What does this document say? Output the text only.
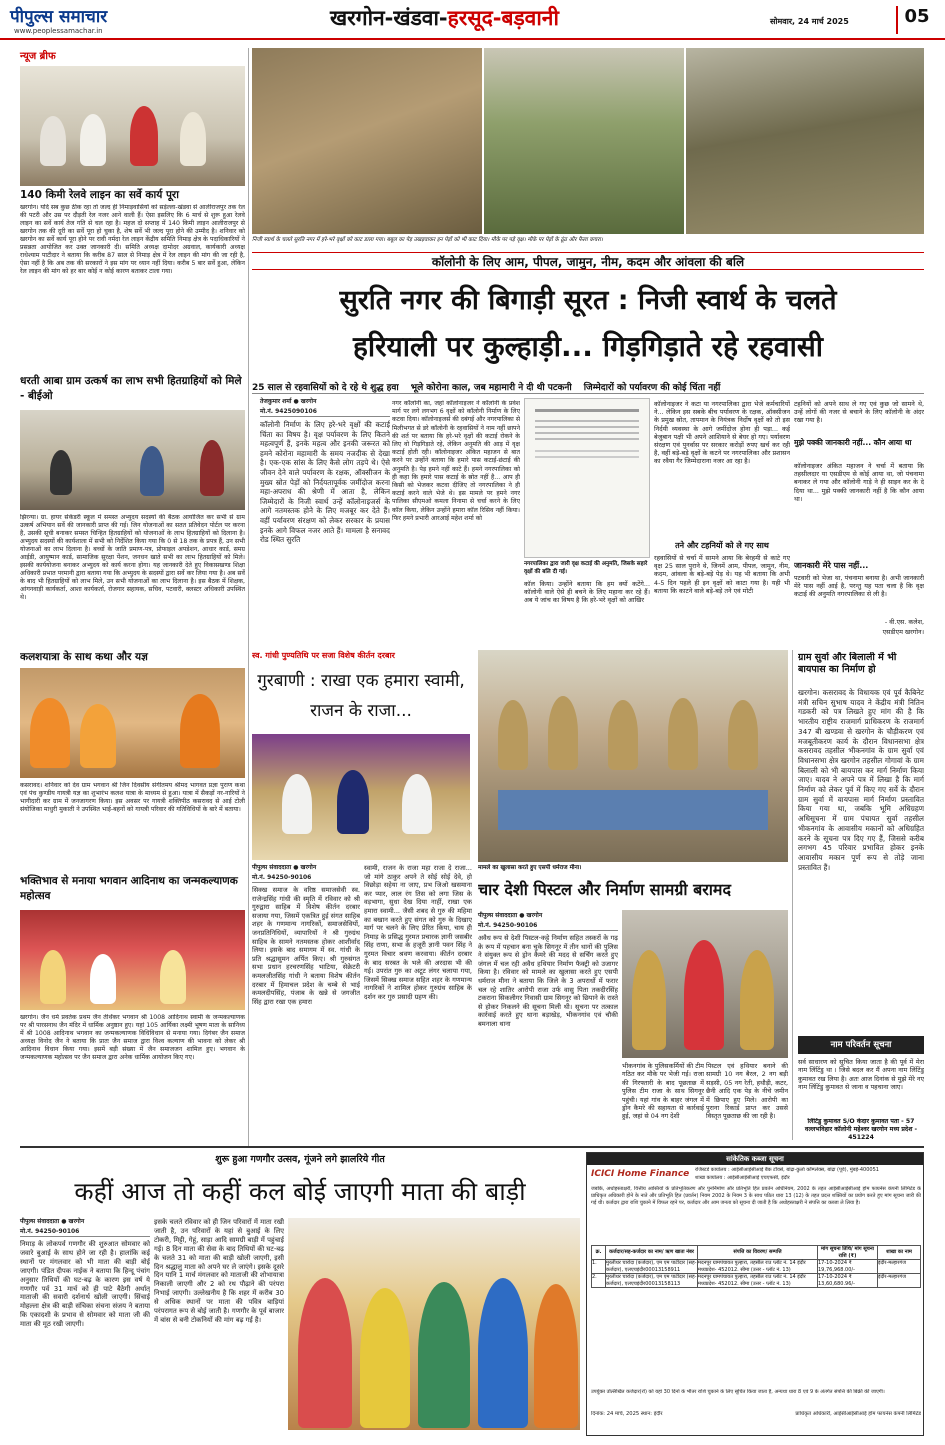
पीपुल्स समाचार
www.peoplessamachar.in
खरगोन-खंडवा-हरसूद-बड़वानी	सोमवार, 24 मार्च 2025	05
न्यूज ब्रीफ
140 किमी रेलवे लाइन का सर्वे कार्य पूरा
खरगोन। यदि सब कुछ ठीक रहा तो जल्द ही निमाड़वासियों को सड़ेल्ला-खंडवा से आलीराजपुर तक रेल की पटरी और उस पर दौड़ती रेल नजर आने वाली हैं। ऐसा इसलिए कि 6 मार्च से शुरू हुआ रेलवे लाइन का सर्वे कार्य तेज गति से चल रहा है। महज दो सप्ताह में 140 किमी लाइन आलीराजपुर से खरगोन तक की दूरी का सर्वे पूरा हो चुका है, शेष सर्वे भी जल्द पूरा होने की उम्मीद है। शनिवार को खरगोन का सर्वे कार्य पूरा होने पर रावी नर्मदा रेल लाइन केंद्रीय समिति निमाड़ क्षेत्र के पदाधिकारियों ने प्रसन्नता आयोजित कर उक्त जानकारी दी। समिति अध्यक्ष दामोदर अग्रवाल, कार्यकारी अध्यक्ष राधेश्याम पाटीदार ने बताया कि करीब 87 साल से निमाड़ क्षेत्र में रेल लाइन की मांग की जा रही है, ऐसा नहीं है कि अब तक की सरकारों ने इस मांग पर ध्यान नहीं दिया। करीब 5 बार सर्वे हुआ, लेकिन रेल लाइन की मांग को हर बार कोई न कोई कारण बताकर टाला गया।
धरती आबा ग्राम उत्कर्ष का लाभ सभी हितग्राहियों को मिले - बीईओ
झिरन्या। ग्रा. हायर सेकेंडरी स्कूल में समस्त अभ्युदय सदस्यों की बैठक आयोजित कर सभी से ग्राम उत्कर्ष अभियान सर्वे की जानकारी प्राप्त की गई। जिन योजनाओं का सतत प्रतिवेदन पोर्टल पर करना है, उसकी सूची बनाकर समस्त चिन्हित हितग्राहियों को योजनाओं के लाभ हितग्राहियों को दिलाना है। अभ्युदय सदस्यों की कार्यशाला में सभी को निर्देशित किया गया कि 0 से 18 तक के प्रपत्र हैं, उन सभी योजनाओं का लाभ दिलाना है। बच्चों के जाति प्रमाण-पत्र, प्रोफाइल अपडेशन, आधार कार्ड, समग्र आईडी, आयुष्मान कार्ड, सामाजिक सुरक्षा पेंशन, जनधन खाते सभी का लाभ हितग्राहियों को मिले। इसकी कार्ययोजना बनाकर अभ्युदय को कार्य करना होगा। यह जानकारी देते हुए विकासखण्ड शिक्षा अधिकारी प्रभात परमानी द्वारा बताया गया कि अभ्युदय के सदस्यों द्वारा सर्वे कर लिया गया है। अब सर्वे के बाद भी हितग्राहियों को लाभ मिले, उन सभी योजनाओं का लाभ दिलाना है। इस बैठक में शिक्षक, आंगनवाड़ी कार्यकर्ता, आशा कार्यकर्ता, रोजगार सहायक, सचिव, पटवारी, क्लस्टर अधिकारी उपस्थित थे।
कलशयात्रा के साथ कथा और यज्ञ
कसरावद। शनिवार को देव ग्राम भगवान श्री जिन दिवसीय संगीतमय श्रीमद भागवत प्रज्ञा पुराण कथा एवं पंच कुण्डीय गायत्री यज्ञ का शुभारंभ कलश यात्रा के माध्यम से हुआ। यात्रा में सैकड़ों नर-नारियों ने भागीदारी कर ग्राम में जनजागरण किया। इस अवसर पर गायत्री शक्तिपीठ कसरावद से आई टोली संयोजिका माधुरी मुकाती ने उपस्थित भाई-बहनों को गायत्री परिवार की गतिविधियों के बारे में बताया।
भक्तिभाव से मनाया भगवान आदिनाथ का जन्मकल्याणक महोत्सव
खरगोन। जैन धर्म प्रवर्तक प्रथम जैन तीर्थंकर भगवान श्री 1008 आदिनाथ स्वामी के जन्मकल्याणक पर श्री पारसनाथ जैन मंदिर में धार्मिक अनुष्ठान हुए। यहां 105 आर्यिका लक्ष्मी भूषण माता के सानिध्य में श्री 1008 आदिनाथ भगवान का जन्मकल्याणक विधिविधान से मनाया गया। दिगंबर जैन समाज अध्यक्ष विनोद जैन ने बताया कि प्रातः जैन समाज द्वारा विश्व कल्याण की भावना को लेकर श्री आदिनाथ विधान किया गया। इसमें बड़ी संख्या में जैन समाजजन शामिल हुए। भगवान के जन्मकल्याणक महोत्सव पर जैन समाज द्वारा अनेक धार्मिक आयोजन किए गए।
निजी स्वार्थ के चलते सुरति नगर में हरे-भरे वृक्षों को काट डाला गया। बबूल का पेड़ उखड़वाकर इन पेड़ों को भी काट दिया। मौके पर पड़े वृक्ष। मौके पर पेड़ों के ठूंठ और फैला कचरा।
कॉलोनी के लिए आम, पीपल, जामुन, नीम, कदम और आंवला की बलि
सुरति नगर की बिगाड़ी सूरत : निजी स्वार्थ के चलते
हरियाली पर कुल्हाड़ी... गिड़गिड़ाते रहे रहवासी
25 साल से रहवासियों को दे रहे थे शुद्ध हवा भूले कोरोना काल, जब महामारी ने दी थी पटकनी जिम्मेदारों को पर्यावरण की कोई चिंता नहीं
तेजकुमार शर्मा ● खरगोन
मो.नं. 9425090106
कॉलोनी निर्माण के लिए हरे-भरे वृक्षों की कटाई चिंता का विषय है। वृक्ष पर्यावरण के लिए कितने महत्वपूर्ण हैं, इनके महत्व और इनकी जरूरत को हमने कोरोना महामारी के समय नजदीक से देखा है। एक-एक सांस के लिए कैसे लोग तड़पे थे। ऐसे जीवन देने वाले पर्यावरण के रक्षक, ऑक्सीजन के मुख्य स्रोत पेड़ों को निर्दयतापूर्वक जमींदोज करना महा-अपराध की श्रेणी में आता है, लेकिन जिम्मेदारों के निजी स्वार्थ उन्हें कॉलोनाइजर्स के आगे नतमस्तक होने के लिए मजबूर कर देते हैं। वहीं पर्यावरण संरक्षण को लेकर सरकार के प्रयास इनके आगे विफल नजर आते हैं। मामला है सनावद रोड स्थित सुरति
नगर कॉलोनी का, जहां कॉलोनाइजर ने कॉलोनी के प्रवेश मार्ग पर लगे लगभग 6 वृक्षों को कॉलोनी निर्माण के लिए कटवा दिया। कॉलोनाइजर्स की दबंगई और नगरपालिका से मिलीभगत से डरे कॉलोनी के रहवासियों ने नाम नहीं छापने की शर्त पर बताया कि हरे-भरे वृक्षों की कटाई रोकने के लिए वो गिड़गिड़ाते रहे, लेकिन अनुमति की आड़ में वृक्ष कटाई होती रही। कॉलोनाइजर अंकित महाजन से बात करने पर उन्होंने बताया कि हमारे पास कटाई-छंटाई की अनुमति है। पेड़ हमने नहीं काटे हैं। हमने नगरपालिका को ही कहा कि हमारे पास कटाई के स्रोत नहीं है... आप ही किसी को भेजकर कटवा दीजिए तो नगरपालिका ने ही कटाई करने वाले भेजे थे। इस मामले पर हमने नगर पालिका सीएमओ कमला निनामा से चर्चा करने के लिए कॉल किया, लेकिन उन्होंने हमारा कॉल रिसिव नहीं किया। फिर हमने प्रभारी आरआई महेश शर्मा को
नगरपालिका द्वारा जारी वृक्ष कटाई की अनुमति, जिसके सहारे वृक्षों की बलि दी गई।
कॉल किया। उन्होंने बताया कि हम क्यों कटेंगे... कॉलोनी वाले ऐसे ही बचने के लिए महाना कर रहे हैं। अब ये जांच का विषय है कि हरे-भरे वृक्षों को आखिर
कॉलोनाइजर ने कटा या नगरपालिका द्वारा भेजे कर्मचारियों ने... लेकिन इस सबके बीच पर्यावरण के रक्षक, ऑक्सीजन के प्रमुख स्रोत, तापमान के नियंत्रक निर्दोष वृक्षों को तो इस निर्दयी व्यवस्था के आगे जमींदोज होना ही पड़ा... कई बेजुबान पक्षी भी अपने आशियाने से बेघर हो गए। पर्यावरण संरक्षण एवं पुनर्वास पर सरकार करोड़ों रुपए खर्च कर रही है, वहीं बड़े-बड़े वृक्षों के कटने पर नगरपालिका और प्रशासन का रवैया गैर जिम्मेदाराना नजर आ रहा है।
तने और टहनियों को ले गए साथ
रहवासियों से चर्चा में सामने आया कि बेरहमी से काटे गए वृक्ष 25 साल पुराने थे, जिनमें आम, पीपल, जामुन, नीम, कदम, आंवला के बड़े-बड़े पेड़ थे। यह भी बताया कि अभी 4-5 दिन पहले ही इन वृक्षों को काटा गया है। यही भी बताया कि काटने वाले बड़े-बड़े तने एवं मोटी
टहनियों को अपने साथ ले गए एवं कुछ जो सामने थे, उन्हें लोगों की नजर से बचाने के लिए कॉलोनी के अंदर रखा गया है।
मुझे पक्की जानकारी नहीं... कौन आया था
कॉलोनाइजर अंकित महाजन ने चर्चा में बताया कि तहसीलदार या एसडीएम से कोई आया था, जो पंचनामा बनाकर ले गया और कॉलोनी गाड़े ने ही साइन कर के दे दिया था... मुझे पक्की जानकारी नहीं है कि कौन आया था।
जानकारी मेरे पास नहीं...
पटवारी को भेजा था, पंचनामा बनाया है। अभी जानकारी मेरे पास नहीं आई है, परन्तु यह पता चला है कि वृक्ष कटाई की अनुमति नगरपालिका से ली है।
- वी.एस. कलेश,
एसडीएम खरगोन।
स्व. गांधी पुण्यतिथि पर सजा विशेष कीर्तन दरबार
गुरबाणी : राखा एक हमारा स्वामी, राजन के राजा...
पीपुल्स संवाददाता ● खरगोन
मो.नं. 94250-90106
सिक्ख समाज के वरिष्ठ समाजसेवी स्व. राजेन्द्रसिंह गांधी की स्मृति में रविवार को श्री गुरुद्वारा साहिब में विशेष कीर्तन दरबार सजाया गया, जिसमें एकत्रित हुई संगत साहिब शहर के गणमान्य नागरिकों, समाजसेवियों, जनप्रतिनिधियों, व्यापारियों ने श्री गुरुग्रंथ साहिब के सामने नतमस्तक होकर आशीर्वाद लिया। इसके बाद समागम में स्व. गांधी के प्रति श्रद्धासुमन अर्पित किए। श्री गुरुसंगत सभा प्रधान हरचरणसिंह भाटिया, सेक्रेटरी कमलजीतसिंह गांधी ने बताया विशेष कीर्तन दरबार में हिमाचल प्रदेश के चम्बे से भाई कमलदीपसिंह, पंजाब के खन्ने से जगजीत सिंह द्वारा रखा एक हमारा
स्वामी, राजन के राजा महा राजा दे राजा... जो मांगे ठाकुर अपने ते सोई सोई देवे, हो विछोड़ा सहेया ना जाए, प्रभ जिओ खसमाना कर प्यार, लाल रंग तिस को लगा जिस के वड़भागा, सुधा देख दिया नाहीं, राखा एक हमारा स्वामी... जैसी शबद से गुरु की महिमा का बखान करते हुए संगत को गुरु के दिखाए मार्ग पर चलने के लिए प्रेरित किया, चाय ही निमाड़ के प्रसिद्ध गुरमत प्रचारक ज्ञानी जसबीर सिंह राणा, सभा के हजूरी ज्ञानी पवन सिंह ने गुरमत विचार श्रवण करवाया। कीर्तन दरबार के बाद सरबत के भले की अरदास भी की गई। उपरांत गुरु का अटूट लंगर चलाया गया, जिसमें सिक्ख समाज सहित शहर के गणमान्य नागरिकों ने शामिल होकर गुरुग्रंथ साहिब के दर्शन कर गुरु प्रसादी ग्रहण की।
मामले का खुलासा करते हुए एसपी धर्मराज मीना।
चार देशी पिस्टल और निर्माण सामग्री बरामद
पीपुल्स संवाददाता ● खरगोन
मो.नं. 94250-90106
अवैध रूप से देशी पिस्टल-कट्टे निर्माण सहित तस्करों के गढ़ के रूप में पहचान बना चुके सिगनूर में तीन थानों की पुलिस ने संयुक्त रूप से ड्रोन कैमरे की मदद से सर्चिंग करते हुए जंगल में चल रही अवैध हथियार निर्माण फैक्ट्री को उजागर किया है। रविवार को मामले का खुलासा करते हुए एसपी धर्मराज मीना ने बताया कि जिले के 3 अपराधों में फरार चल रहे शातिर आरोपी राजा उर्फ वासु पिता तकदीरसिंह टकराना सिकलीगर निवासी ग्राम सिगनूर को छिपाने के रास्ते से होकर निकलने की सूचना मिली थी। सूचना पर तत्काल कार्रवाई करते हुए थाना बड़ाखेड़, भीकनगांव एवं चौकी बमनाला थाना
भीकनगांव के पुलिसकर्मियों की टीम गठित कर मौके पर भेजी गई। राजा की गिरफ्तारी के बाद पूछताछ में पुलिस टीम राजा के साथ सिगनूर पहुंची। यहां गांव के बाहर जंगल में ड्रोन कैमरे की सहायता से कार्रवाई हुई, जहां से 04 नग देशी
पिस्टल एवं हथियार बनाने की सामग्री 10 नग बैरल, 2 नग बड़ी सड़सी, 05 नग रेती, हथौड़ी, कटर, छैनी आदि एक पेड़ के नीचे जमीन में छिपाए हुए मिले। आरोपी का पुराना रिकार्ड प्राप्त कर उससे विस्तृत पूछताछ की जा रही है।
ग्राम सुर्वा और बिलाली में भी बायपास का निर्माण हो
खरगोन। कसरावद के विधायक एवं पूर्व कैबिनेट मंत्री सचिन सुभाष यादव ने केंद्रीय मंत्री नितिन गडकरी को पत्र लिखते हुए मांग की है कि भारतीय राष्ट्रीय राजमार्ग प्राधिकरण के राजमार्ग 347 बी खण्डवा से खरगोन के चौड़ीकरण एवं मजबूतीकरण कार्य के दौरान विधानसभा क्षेत्र कसरावद तहसील भीकनगांव के ग्राम सुर्वा एवं विधानसभा क्षेत्र खरगोन तहसील गोगावां के ग्राम बिलाली को भी बायपास कर मार्ग निर्माण किया जाए। यादव ने अपने पत्र में लिखा है कि मार्ग निर्माण को लेकर पूर्व में किए गए सर्वे के दौरान ग्राम सुर्वा में वायपास मार्ग निर्माण प्रस्तावित किया गया था, जबकि भूमि अधिग्रहण अधिसूचना में ग्राम पंचायत सुर्वा तहसील भीकनगांव के आवासीय मकानों को अधिग्रहित करने के सूचना पत्र दिए गए हैं, जिससे करीब लगभग 45 परिवार प्रभावित होकर इनके आवासीय मकान पूर्ण रूप से तोड़े जाना प्रस्तावित हैं।
नाम परिवर्तन सूचना
सर्व साधारण को सूचित किया जाता है की पूर्व में मेरा नाम लिंटिंडु था । जिसे बदल कर मैं अपना नाम लिंटिंडु कुमावत रख लिया है। अतः आज दिनांक से मुझे मेरे नए नाम लिंटिंडु कुमावत से जाना व पहचाना जाए।
लिंटिंडु कुमावत S/O केदार कुमावत पता - 57 वल्लभविहार कॉलोनी महेश्वर खरगोन मध्य प्रदेश - 451224
शुरू हुआ गणगौर उत्सव, गूंजने लगे झालरिये गीत
कहीं आज तो कहीं कल बोई जाएगी माता की बाड़ी
पीपुल्स संवाददाता ● खरगोन
मो.नं. 94250-90106
निमाड़ के लोकपर्व गणगौर की शुरुआत सोमवार को जवारे बुआई के साथ होने जा रही है। हालांकि कई स्थानों पर मंगलवार को भी माता की बाड़ी बोई जाएगी। पंडित दीपक नाईक ने बताया कि हिन्दू पंचांग अनुसार तिथियों की घट-बढ़ के कारण इस वर्ष ये गणगौर पर्व 31 मार्च को ही पाटे बैठेगी अर्थात् माताजी की सवारी दर्शनार्थ खोली जाएगी। सिंचाई मोहल्ला क्षेत्र की बाड़ी संचिका संचना संजय ने बताया कि एकादशी के प्रभाव से सोमवार को माता जी की माता की मूठ रखी जाएगी।
इसके चलते रविवार को ही जिन परिवारों में माता रखी जाती है, उन परिवारों के यहां से बुआई के लिए टोकरी, मिट्टी, गेहूं, साड़ा आदि सामग्री बाड़ी में पहुंचाई गई। 8 दिन माता की सेवा के बाद तिथियों की घट-बढ़ के चलते 31 को माता की बाड़ी खोली जाएगी, इसी दिन श्रद्धालु माता को अपने घर ले जाएंगे। इसके दूसरे दिन यानि 1 मार्च मंगलवार को माताजी की शोभायात्रा निकाली जाएगी और 2 को रथ पौढ़ाने की परंपरा निभाई जाएगी। उल्लेखनीय है कि शहर में करीब 30 से अधिक स्थानों पर माता की पवित्र बाड़ियां परंपरागत रूप से बोई जाती है। गणगौर के पूर्व बाजार में बांस से बनी टोकनियों की मांग बढ़ गई है।
सांकेतिक कब्जा सूचना
ICICI Home Finance	रजिस्टर्ड कार्यालय : आईसीआईसीआई बैंक टॉवर्स, बांद्रा-कुर्ला कॉम्प्लेक्स, बांद्रा (पूर्व), मुंबई-400051
शाखा कार्यालय : आईसीआईसीआई एचएफसी, इंदौर
जबकि, अधोहस्ताक्षरी, वित्तीय आस्तियों के प्रतिभूतिकरण और पुनर्निर्माण और प्रतिभूति हित प्रवर्तन अधिनियम, 2002 के तहत आईसीआईसीआई होम फायनेंस कंपनी लिमिटेड के प्राधिकृत अधिकारी होने के नाते और प्रतिभूति हित (प्रवर्तन) नियम 2002 के नियम 3 के साथ पठित धारा 13 (12) के तहत प्रदत्त शक्तियों का प्रयोग करते हुए मांग सूचना जारी की गई थी। कर्जदार द्वारा राशि चुकाने में विफल रहने पर, कर्जदार और आम जनता को सूचना दी जाती है कि अधोहस्ताक्षरी ने संपत्ति का कब्जा ले लिया है।
क्र.	कर्जदार/सह-कर्जदार का नाम/ ऋण खाता नंबर	संपत्ति का विवरण/ सम्पत्ति	मांग सूचना तिथि/ मांग सूचना राशि (₹)	शाखा का नाम
1.	मुरलीधर चारोदा (कर्जदार), एम एम पाटीदार (सह-कर्जदार), एलएचइंदौर00013158911	मदनपुर ग्रामपंचायत पुल्हारा, तहसील राउ प्लॉट नं. 14 इंदौर मध्यप्रदेश- 452012. सीमा (उत्तर - प्लॉट नं. 13)	17-10-2024 ₹ 19,76,968.00/-	इंदौर-मल्हारगंज
2.	मुरलीधर चारोदा (कर्जदार), एम एम पाटीदार (सह-कर्जदार), एलएचइंदौर00013158113	मदनपुर ग्रामपंचायत पुल्हारा, तहसील राउ प्लॉट नं. 14 इंदौर मध्यप्रदेश- 452012. सीमा (उत्तर - प्लॉट नं. 13)	17-10-2024 ₹ 13,60,680.96/-	इंदौर-मल्हारगंज
उपर्युक्त उल्लिखित कर्जदार(रो) को यहां 30 दिनों के भीतर राशि चुकाने के लिए सूचित किया जाता है, अन्यथा धारा 8 एवं 9 के अंतर्गत संपत्ति की बिक्री की जाएगी।
दिनांक: 24 मार्च, 2025 स्थान: इंदौर	प्राधिकृत अधिकारी, आईसीआईसीआई होम फायनेंस कंपनी लिमिटेड
